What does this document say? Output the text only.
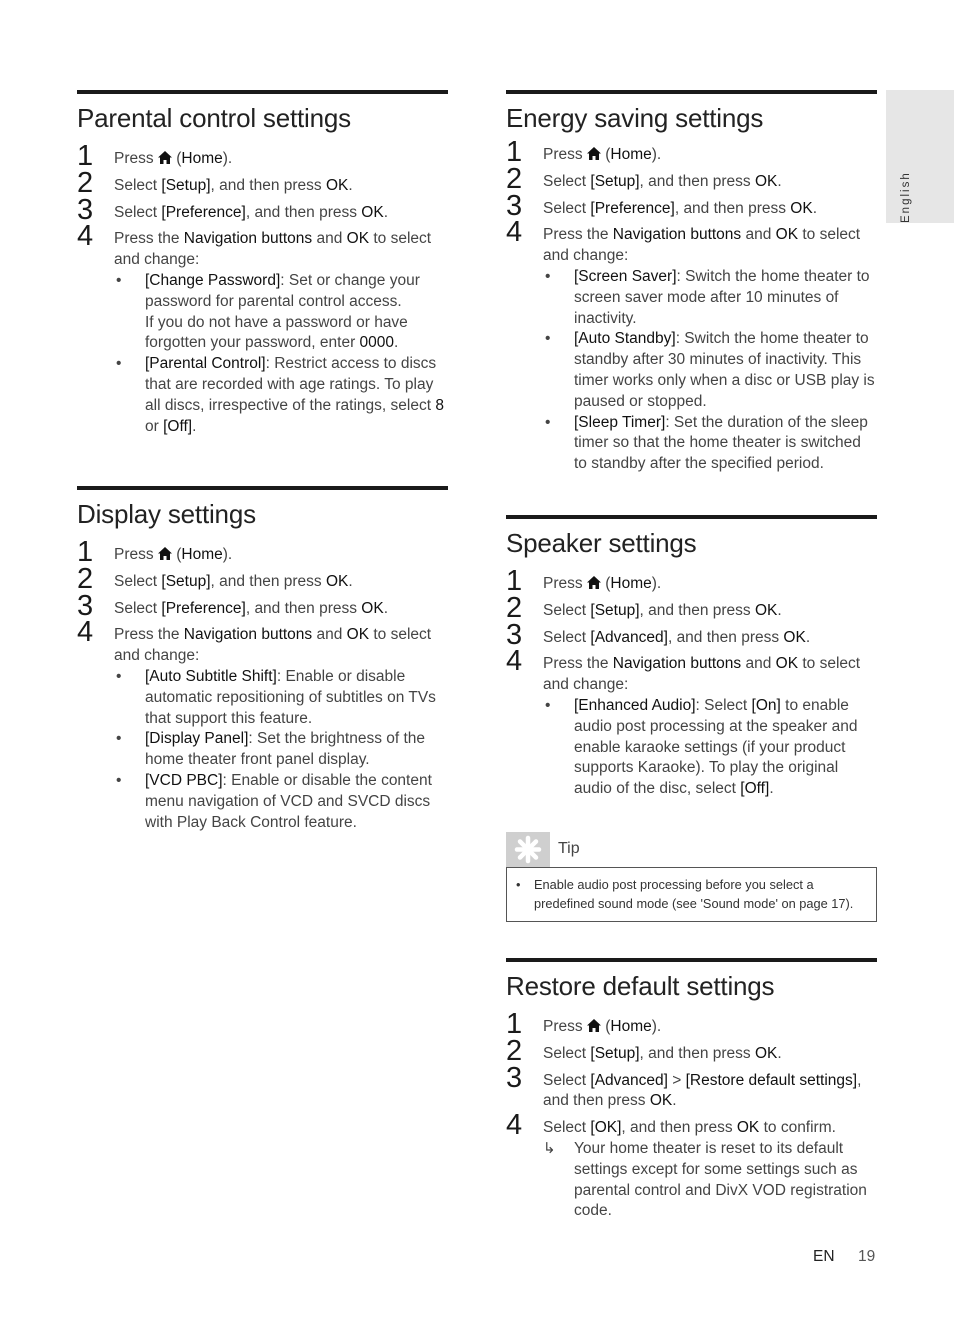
English
Parental control settings
1 Press  (Home).
2 Select [Setup], and then press OK.
3 Select [Preference], and then press OK.
4 Press the Navigation buttons and OK to select and change:
• [Change Password]: Set or change your password for parental control access.
If you do not have a password or have forgotten your password, enter 0000.
• [Parental Control]: Restrict access to discs that are recorded with age ratings. To play all discs, irrespective of the ratings, select 8 or [Off].
Display settings
1 Press  (Home).
2 Select [Setup], and then press OK.
3 Select [Preference], and then press OK.
4 Press the Navigation buttons and OK to select and change:
• [Auto Subtitle Shift]: Enable or disable automatic repositioning of subtitles on TVs that support this feature.
• [Display Panel]: Set the brightness of the home theater front panel display.
• [VCD PBC]: Enable or disable the content menu navigation of VCD and SVCD discs with Play Back Control feature.
Energy saving settings
1 Press  (Home).
2 Select [Setup], and then press OK.
3 Select [Preference], and then press OK.
4 Press the Navigation buttons and OK to select and change:
• [Screen Saver]: Switch the home theater to screen saver mode after 10 minutes of inactivity.
• [Auto Standby]: Switch the home theater to standby after 30 minutes of inactivity. This timer works only when a disc or USB play is paused or stopped.
• [Sleep Timer]: Set the duration of the sleep timer so that the home theater is switched to standby after the specified period.
Speaker settings
1 Press  (Home).
2 Select [Setup], and then press OK.
3 Select [Advanced], and then press OK.
4 Press the Navigation buttons and OK to select and change:
• [Enhanced Audio]: Select [On] to enable audio post processing at the speaker and enable karaoke settings (if your product supports Karaoke). To play the original audio of the disc, select [Off].
Tip
• Enable audio post processing before you select a predefined sound mode (see 'Sound mode' on page 17).
Restore default settings
1 Press  (Home).
2 Select [Setup], and then press OK.
3 Select [Advanced] > [Restore default settings], and then press OK.
4 Select [OK], and then press OK to confirm.
↳ Your home theater is reset to its default settings except for some settings such as parental control and DivX VOD registration code.
EN 19
